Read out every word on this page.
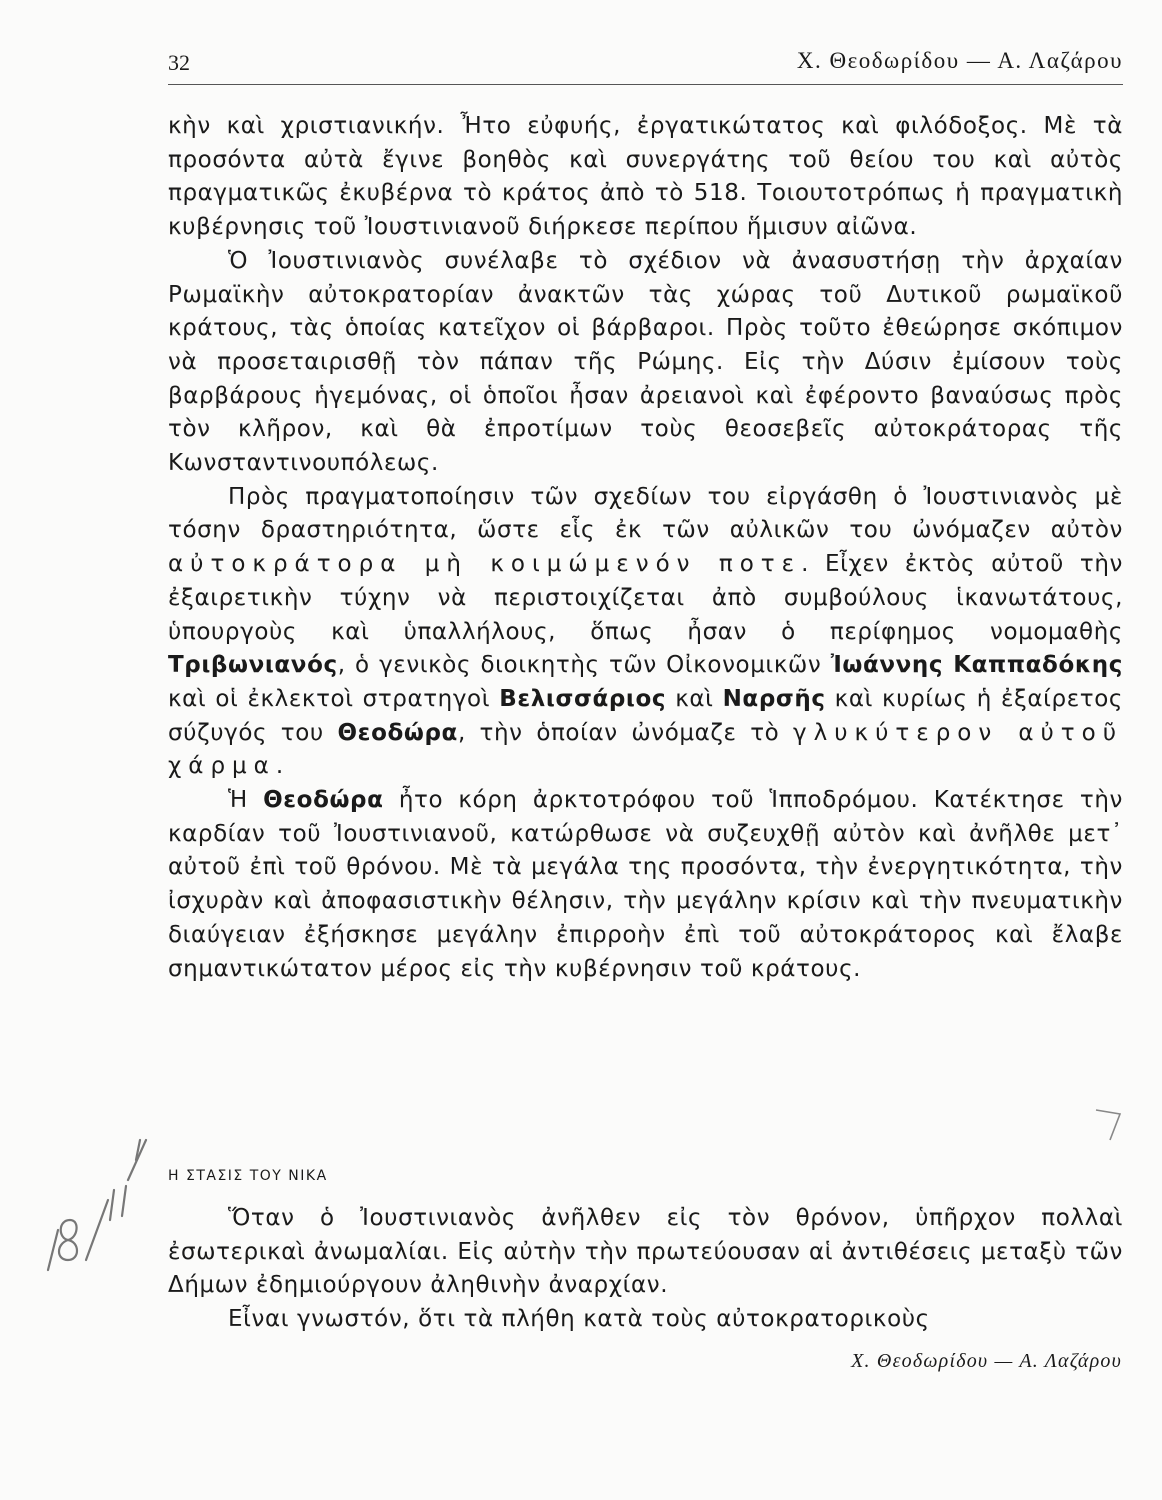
32	Χ. Θεοδωρίδου — Α. Λαζάρου

κὴν καὶ χριστιανικήν. Ἦτο εὐφυής, ἐργατικώτατος καὶ φιλόδοξος. Μὲ τὰ προσόντα αὐτὰ ἔγινε βοηθὸς καὶ συνεργάτης τοῦ θείου του καὶ αὐτὸς πραγματικῶς ἐκυβέρνα τὸ κράτος ἀπὸ τὸ 518. Τοιουτοτρόπως ἡ πραγματικὴ κυβέρνησις τοῦ Ἰουστινιανοῦ διήρκεσε περίπου ἥμισυν αἰῶνα.

Ὁ Ἰουστινιανὸς συνέλαβε τὸ σχέδιον νὰ ἀνασυστήσῃ τὴν ἀρχαίαν Ρωμαϊκὴν αὐτοκρατορίαν ἀνακτῶν τὰς χώρας τοῦ Δυτικοῦ ρωμαϊκοῦ κράτους, τὰς ὁποίας κατεῖχον οἱ βάρβαροι. Πρὸς τοῦτο ἐθεώρησε σκόπιμον νὰ προσεταιρισθῇ τὸν πάπαν τῆς Ρώμης. Εἰς τὴν Δύσιν ἐμίσουν τοὺς βαρβάρους ἡγεμόνας, οἱ ὁποῖοι ἦσαν ἀρειανοὶ καὶ ἐφέροντο βαναύσως πρὸς τὸν κλῆρον, καὶ θὰ ἐπροτίμων τοὺς θεοσεβεῖς αὐτοκράτορας τῆς Κωνσταντινουπόλεως.

Πρὸς πραγματοποίησιν τῶν σχεδίων του εἰργάσθη ὁ Ἰουστινιανὸς μὲ τόσην δραστηριότητα, ὥστε εἷς ἐκ τῶν αὐλικῶν του ὠνόμαζεν αὐτὸν αὐτοκράτορα μὴ κοιμώμενόν ποτε. Εἶχεν ἐκτὸς αὐτοῦ τὴν ἐξαιρετικὴν τύχην νὰ περιστοιχίζεται ἀπὸ συμβούλους ἱκανωτάτους, ὑπουργοὺς καὶ ὑπαλλήλους, ὅπως ἦσαν ὁ περίφημος νομομαθὴς Τριβωνιανός, ὁ γενικὸς διοικητὴς τῶν Οἰκονομικῶν Ἰωάννης Καππαδόκης καὶ οἱ ἐκλεκτοὶ στρατηγοὶ Βελισσάριος καὶ Ναρσῆς καὶ κυρίως ἡ ἐξαίρετος σύζυγός του Θεοδώρα, τὴν ὁποίαν ὠνόμαζε τὸ γλυκύτερον αὐτοῦ χάρμα.

Ἡ Θεοδώρα ἦτο κόρη ἀρκτοτρόφου τοῦ Ἱπποδρόμου. Κατέκτησε τὴν καρδίαν τοῦ Ἰουστινιανοῦ, κατώρθωσε νὰ συζευχθῇ αὐτὸν καὶ ἀνῆλθε μετ᾽ αὐτοῦ ἐπὶ τοῦ θρόνου. Μὲ τὰ μεγάλα της προσόντα, τὴν ἐνεργητικότητα, τὴν ἰσχυρὰν καὶ ἀποφασιστικὴν θέλησιν, τὴν μεγάλην κρίσιν καὶ τὴν πνευματικὴν διαύγειαν ἐξήσκησε μεγάλην ἐπιρροὴν ἐπὶ τοῦ αὐτοκράτορος καὶ ἔλαβε σημαντικώτατον μέρος εἰς τὴν κυβέρνησιν τοῦ κράτους.

Η ΣΤΑΣΙΣ ΤΟΥ ΝΙΚΑ

Ὅταν ὁ Ἰουστινιανὸς ἀνῆλθεν εἰς τὸν θρόνον, ὑπῆρχον πολλαὶ ἐσωτερικαὶ ἀνωμαλίαι. Εἰς αὐτὴν τὴν πρωτεύουσαν αἱ ἀντιθέσεις μεταξὺ τῶν Δήμων ἐδημιούργουν ἀληθινὴν ἀναρχίαν.

Εἶναι γνωστόν, ὅτι τὰ πλήθη κατὰ τοὺς αὐτοκρατορικοὺς

Χ. Θεοδωρίδου — Α. Λαζάρου
18/11/51
